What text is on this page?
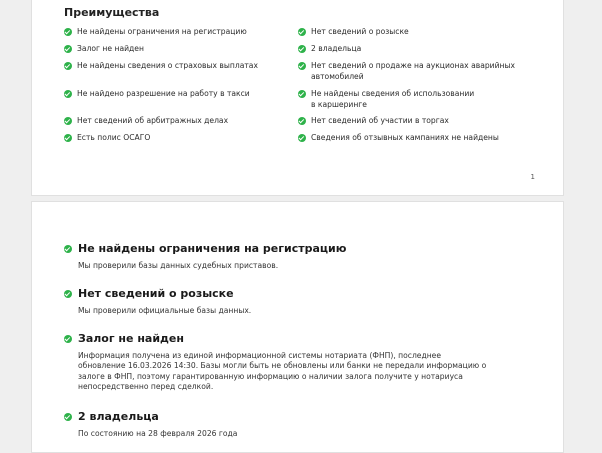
Преимущества
Не найдены ограничения на регистрацию
Залог не найден
Не найдены сведения о страховых выплатах
Не найдено разрешение на работу в такси
Нет сведений об арбитражных делах
Есть полис ОСАГО
Нет сведений о розыске
2 владельца
Нет сведений о продаже на аукционах аварийных
автомобилей
Не найдены сведения об использовании
в каршеринге
Нет сведений об участии в торгах
Сведения об отзывных кампаниях не найдены
1
Не найдены ограничения на регистрацию
Мы проверили базы данных судебных приставов.
Нет сведений о розыске
Мы проверили официальные базы данных.
Залог не найден
Информация получена из единой информационной системы нотариата (ФНП), последнее
обновление 16.03.2026 14:30. Базы могли быть не обновлены или банки не передали информацию о
залоге в ФНП, поэтому гарантированную информацию о наличии залога получите у нотариуса
непосредственно перед сделкой.
2 владельца
По состоянию на 28 февраля 2026 года
